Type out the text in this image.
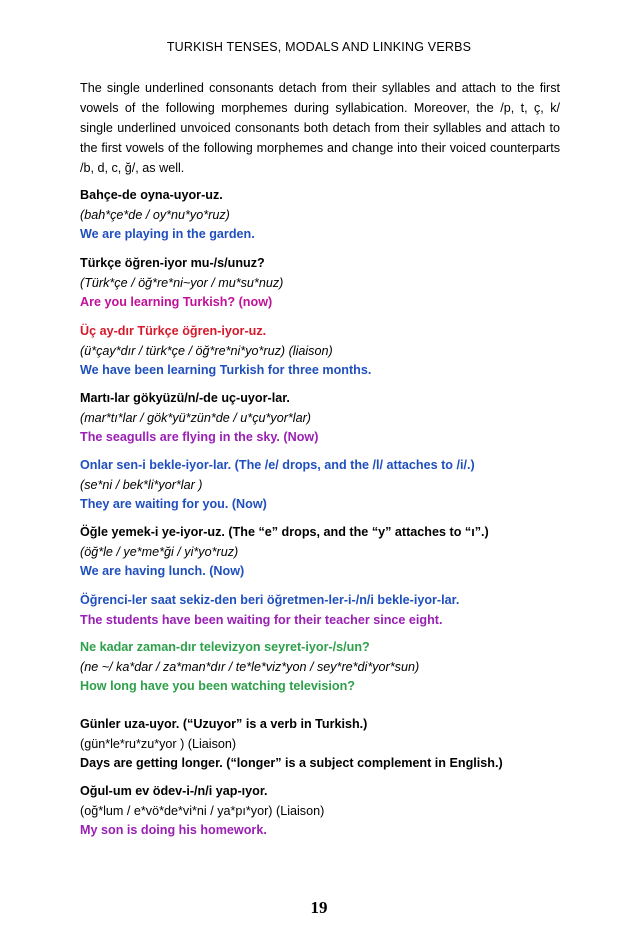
TURKISH TENSES, MODALS AND LINKING VERBS
The single underlined consonants detach from their syllables and attach to the first vowels of the following morphemes during syllabication. Moreover, the /p, t, ç, k/ single underlined unvoiced consonants both detach from their syllables and attach to the first vowels of the following morphemes and change into their voiced counterparts /b, d, c, ğ/, as well.
Bahçe-de oyna-uyor-uz.
(bah*çe*de / oy*nu*yo*ruz)
We are playing in the garden.
Türkçe öğren-iyor mu-/s/unuz?
(Türk*çe / öğ*re*ni~yor / mu*su*nuz)
Are you learning Turkish? (now)
Üç ay-dır Türkçe öğren-iyor-uz.
(ü*çay*dır / türk*çe / öğ*re*ni*yo*ruz) (liaison)
We have been learning Turkish for three months.
Martı-lar gökyüzü/n/-de uç-uyor-lar.
(mar*tı*lar / gök*yü*zün*de / u*çu*yor*lar)
The seagulls are flying in the sky. (Now)
Onlar sen-i bekle-iyor-lar. (The /e/ drops, and the /l/ attaches to /i/.)
(se*ni / bek*li*yor*lar )
They are waiting for you. (Now)
Öğle yemek-i ye-iyor-uz. (The “e” drops, and the “y” attaches to “ı”.)
(öğ*le / ye*me*ği / yi*yo*ruz)
We are having lunch. (Now)
Öğrenci-ler saat sekiz-den beri öğretmen-ler-i-/n/i bekle-iyor-lar.
The students have been waiting for their teacher since eight.
Ne kadar zaman-dır televizyon seyret-iyor-/s/un?
(ne ~/ ka*dar / za*man*dır / te*le*viz*yon / sey*re*di*yor*sun)
How long have you been watching television?
Günler uza-uyor. (“Uzuyor” is a verb in Turkish.)
(gün*le*ru*zu*yor ) (Liaison)
Days are getting longer. (“longer” is a subject complement in English.)
Oğul-um ev ödev-i-/n/i yap-ıyor.
(oğ*lum / e*vö*de*vi*ni / ya*pı*yor) (Liaison)
My son is doing his homework.
19
